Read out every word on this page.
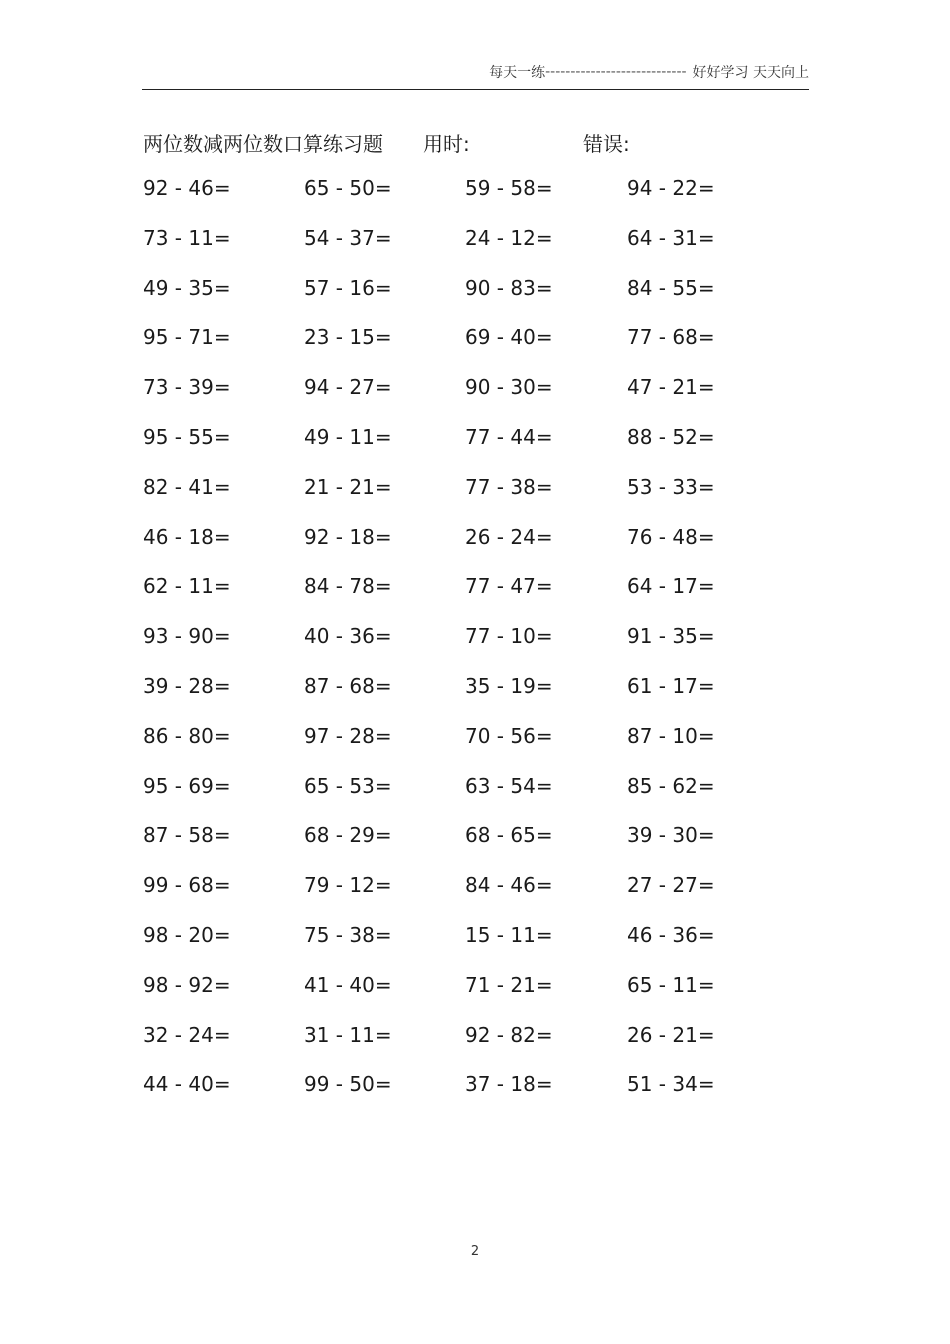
每天一练 ---------------------------- 好好学习 天天向上
两位数减两位数口算练习题 用时:	错误:
92 - 46=	65 - 50=	59 - 58=	94 - 22=
73 - 11=	54 - 37=	24 - 12=	64 - 31=
49 - 35=	57 - 16=	90 - 83=	84 - 55=
95 - 71=	23 - 15=	69 - 40=	77 - 68=
73 - 39=	94 - 27=	90 - 30=	47 - 21=
95 - 55=	49 - 11=	77 - 44=	88 - 52=
82 - 41=	21 - 21=	77 - 38=	53 - 33=
46 - 18=	92 - 18=	26 - 24=	76 - 48=
62 - 11=	84 - 78=	77 - 47=	64 - 17=
93 - 90=	40 - 36=	77 - 10=	91 - 35=
39 - 28=	87 - 68=	35 - 19=	61 - 17=
86 - 80=	97 - 28=	70 - 56=	87 - 10=
95 - 69=	65 - 53=	63 - 54=	85 - 62=
87 - 58=	68 - 29=	68 - 65=	39 - 30=
99 - 68=	79 - 12=	84 - 46=	27 - 27=
98 - 20=	75 - 38=	15 - 11=	46 - 36=
98 - 92=	41 - 40=	71 - 21=	65 - 11=
32 - 24=	31 - 11=	92 - 82=	26 - 21=
44 - 40=	99 - 50=	37 - 18=	51 - 34=
2
